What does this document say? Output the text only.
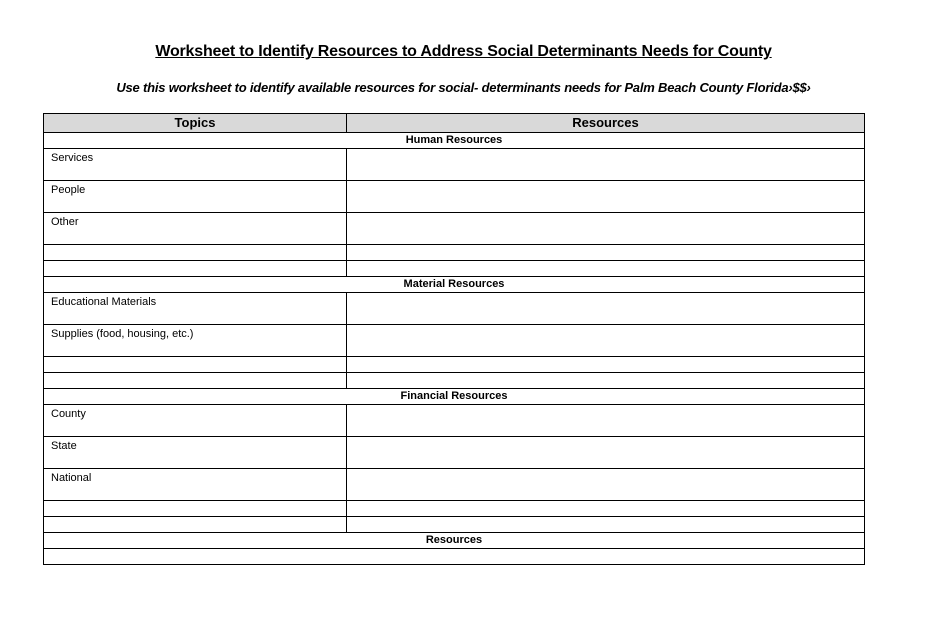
Worksheet to Identify Resources to Address Social Determinants Needs for County

Use this worksheet to identify available resources for social- determinants needs for Palm Beach County Florida›$$›

Topics	Resources
Human Resources	
Services	
People	
Other	

Material Resources	
Educational Materials	
Supplies (food, housing, etc.)	

Financial Resources	
County	
State	
National	

Resources	
